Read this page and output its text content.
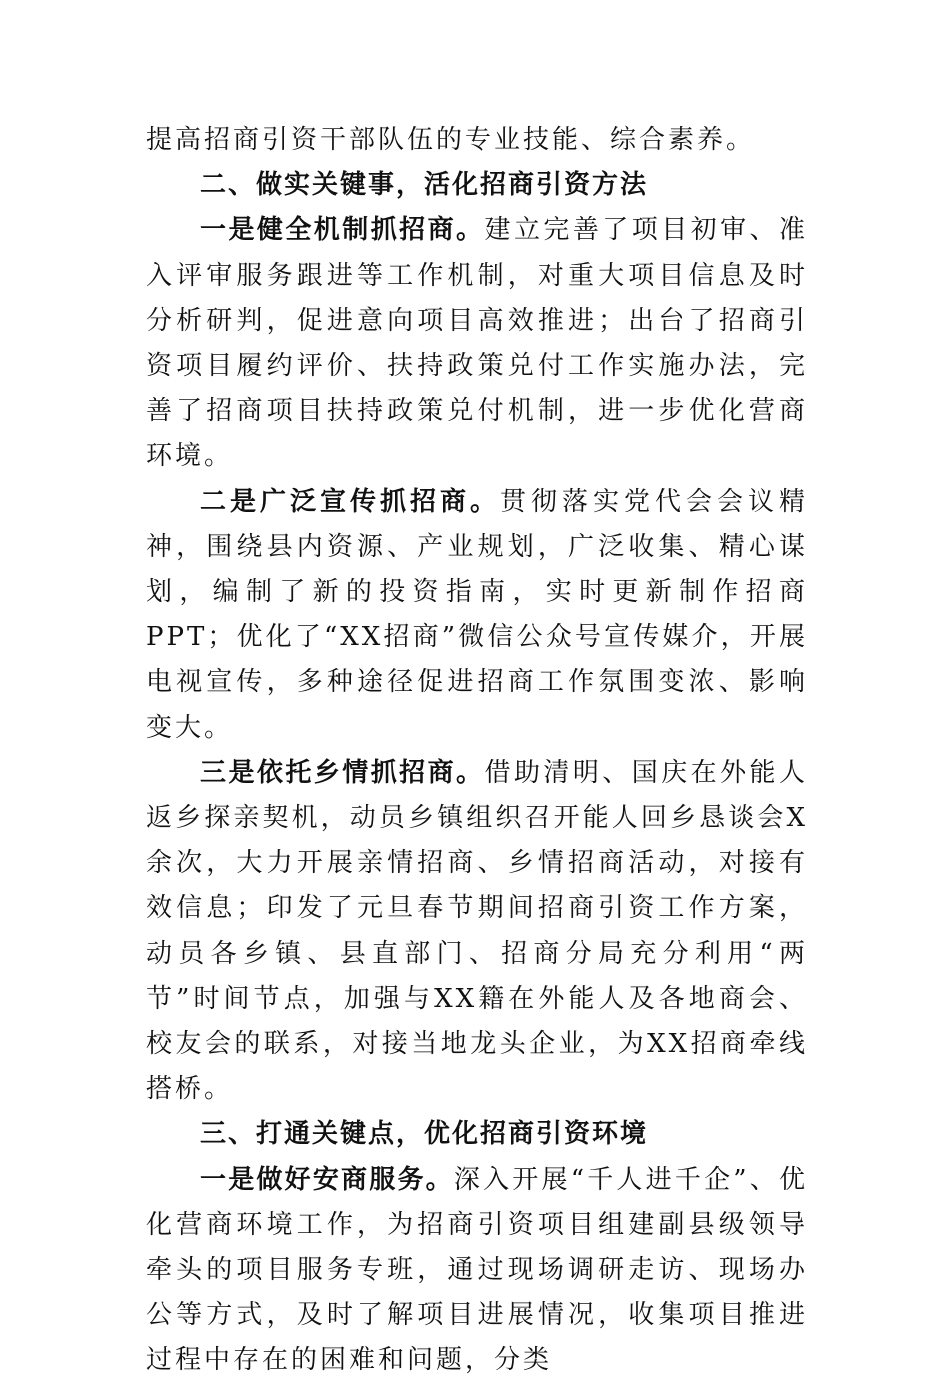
提高招商引资干部队伍的专业技能、综合素养。

二、做实关键事，活化招商引资方法

一是健全机制抓招商。建立完善了项目初审、准入评审服务跟进等工作机制，对重大项目信息及时分析研判，促进意向项目高效推进；出台了招商引资项目履约评价、扶持政策兑付工作实施办法，完善了招商项目扶持政策兑付机制，进一步优化营商环境。

二是广泛宣传抓招商。贯彻落实党代会会议精神，围绕县内资源、产业规划，广泛收集、精心谋划，编制了新的投资指南，实时更新制作招商PPT；优化了“XX招商”微信公众号宣传媒介，开展电视宣传，多种途径促进招商工作氛围变浓、影响变大。

三是依托乡情抓招商。借助清明、国庆在外能人返乡探亲契机，动员乡镇组织召开能人回乡恳谈会X余次，大力开展亲情招商、乡情招商活动，对接有效信息；印发了元旦春节期间招商引资工作方案，动员各乡镇、县直部门、招商分局充分利用“两节”时间节点，加强与XX籍在外能人及各地商会、校友会的联系，对接当地龙头企业，为XX招商牵线搭桥。

三、打通关键点，优化招商引资环境

一是做好安商服务。深入开展“千人进千企”、优化营商环境工作，为招商引资项目组建副县级领导牵头的项目服务专班，通过现场调研走访、现场办公等方式，及时了解项目进展情况，收集项目推进过程中存在的困难和问题，分类
